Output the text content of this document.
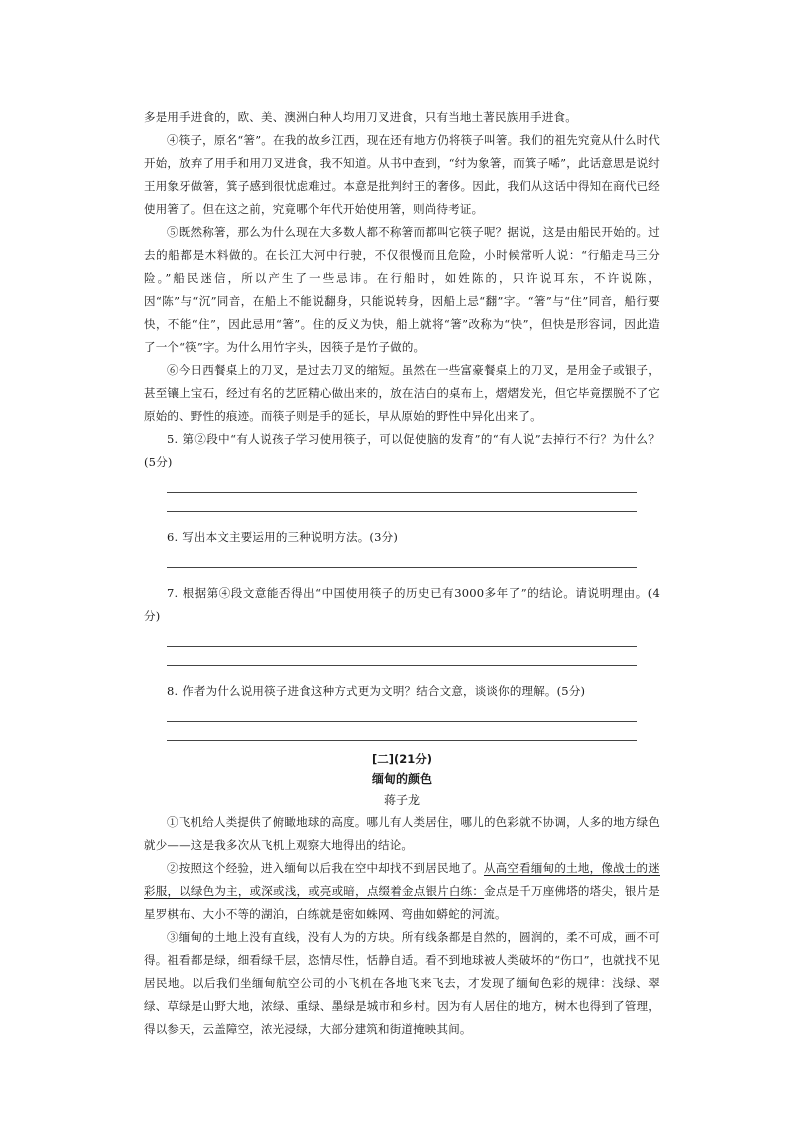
多是用手进食的，欧、美、澳洲白种人均用刀叉进食，只有当地土著民族用手进食。

④筷子，原名“箸”。在我的故乡江西，现在还有地方仍将筷子叫箸。我们的祖先究竟从什么时代开始，放弃了用手和用刀叉进食，我不知道。从书中查到，“纣为象箸，而箕子唏”，此话意思是说纣王用象牙做箸，箕子感到很忧虑难过。本意是批判纣王的奢侈。因此，我们从这话中得知在商代已经使用箸了。但在这之前，究竟哪个年代开始使用箸，则尚待考证。

⑤既然称箸，那么为什么现在大多数人都不称箸而都叫它筷子呢？据说，这是由船民开始的。过去的船都是木料做的。在长江大河中行驶，不仅很慢而且危险，小时候常听人说：“行船走马三分险。”船民迷信，所以产生了一些忌讳。在行船时，如姓陈的，只许说耳东，不许说陈，因“陈”与“沉”同音，在船上不能说翻身，只能说转身，因船上忌“翻”字。“箸”与“住”同音，船行要快，不能“住”，因此忌用“箸”。住的反义为快，船上就将“箸”改称为“快”，但快是形容词，因此造了一个“筷”字。为什么用竹字头，因筷子是竹子做的。

⑥今日西餐桌上的刀叉，是过去刀叉的缩短。虽然在一些富豪餐桌上的刀叉，是用金子或银子，甚至镶上宝石，经过有名的艺匠精心做出来的，放在洁白的桌布上，熠熠发光，但它毕竟摆脱不了它原始的、野性的痕迹。而筷子则是手的延长，早从原始的野性中异化出来了。

5. 第②段中“有人说孩子学习使用筷子，可以促使脑的发育”的“有人说”去掉行不行？为什么？(5分)

6. 写出本文主要运用的三种说明方法。(3分)

7. 根据第④段文意能否得出“中国使用筷子的历史已有3000多年了”的结论。请说明理由。(4分)

8. 作者为什么说用筷子进食这种方式更为文明？结合文意，谈谈你的理解。(5分)

[二](21分)
缅甸的颜色
蒋子龙

①飞机给人类提供了俯瞰地球的高度。哪儿有人类居住，哪儿的色彩就不协调，人多的地方绿色就少——这是我多次从飞机上观察大地得出的结论。

②按照这个经验，进入缅甸以后我在空中却找不到居民地了。从高空看缅甸的土地，像战士的迷彩服，以绿色为主，或深或浅，或亮或暗，点缀着金点银片白练：金点是千万座佛塔的塔尖，银片是星罗棋布、大小不等的湖泊，白练就是密如蛛网、弯曲如蟒蛇的河流。

③缅甸的土地上没有直线，没有人为的方块。所有线条都是自然的，圆润的，柔不可成，画不可得。祖看都是绿，细看绿千层，恣情尽性，恬静自适。看不到地球被人类破坏的“伤口”，也就找不见居民地。以后我们坐缅甸航空公司的小飞机在各地飞来飞去，才发现了缅甸色彩的规律：浅绿、翠绿、草绿是山野大地，浓绿、重绿、墨绿是城市和乡村。因为有人居住的地方，树木也得到了管理，得以参天，云盖障空，浓光浸绿，大部分建筑和街道掩映其间。
